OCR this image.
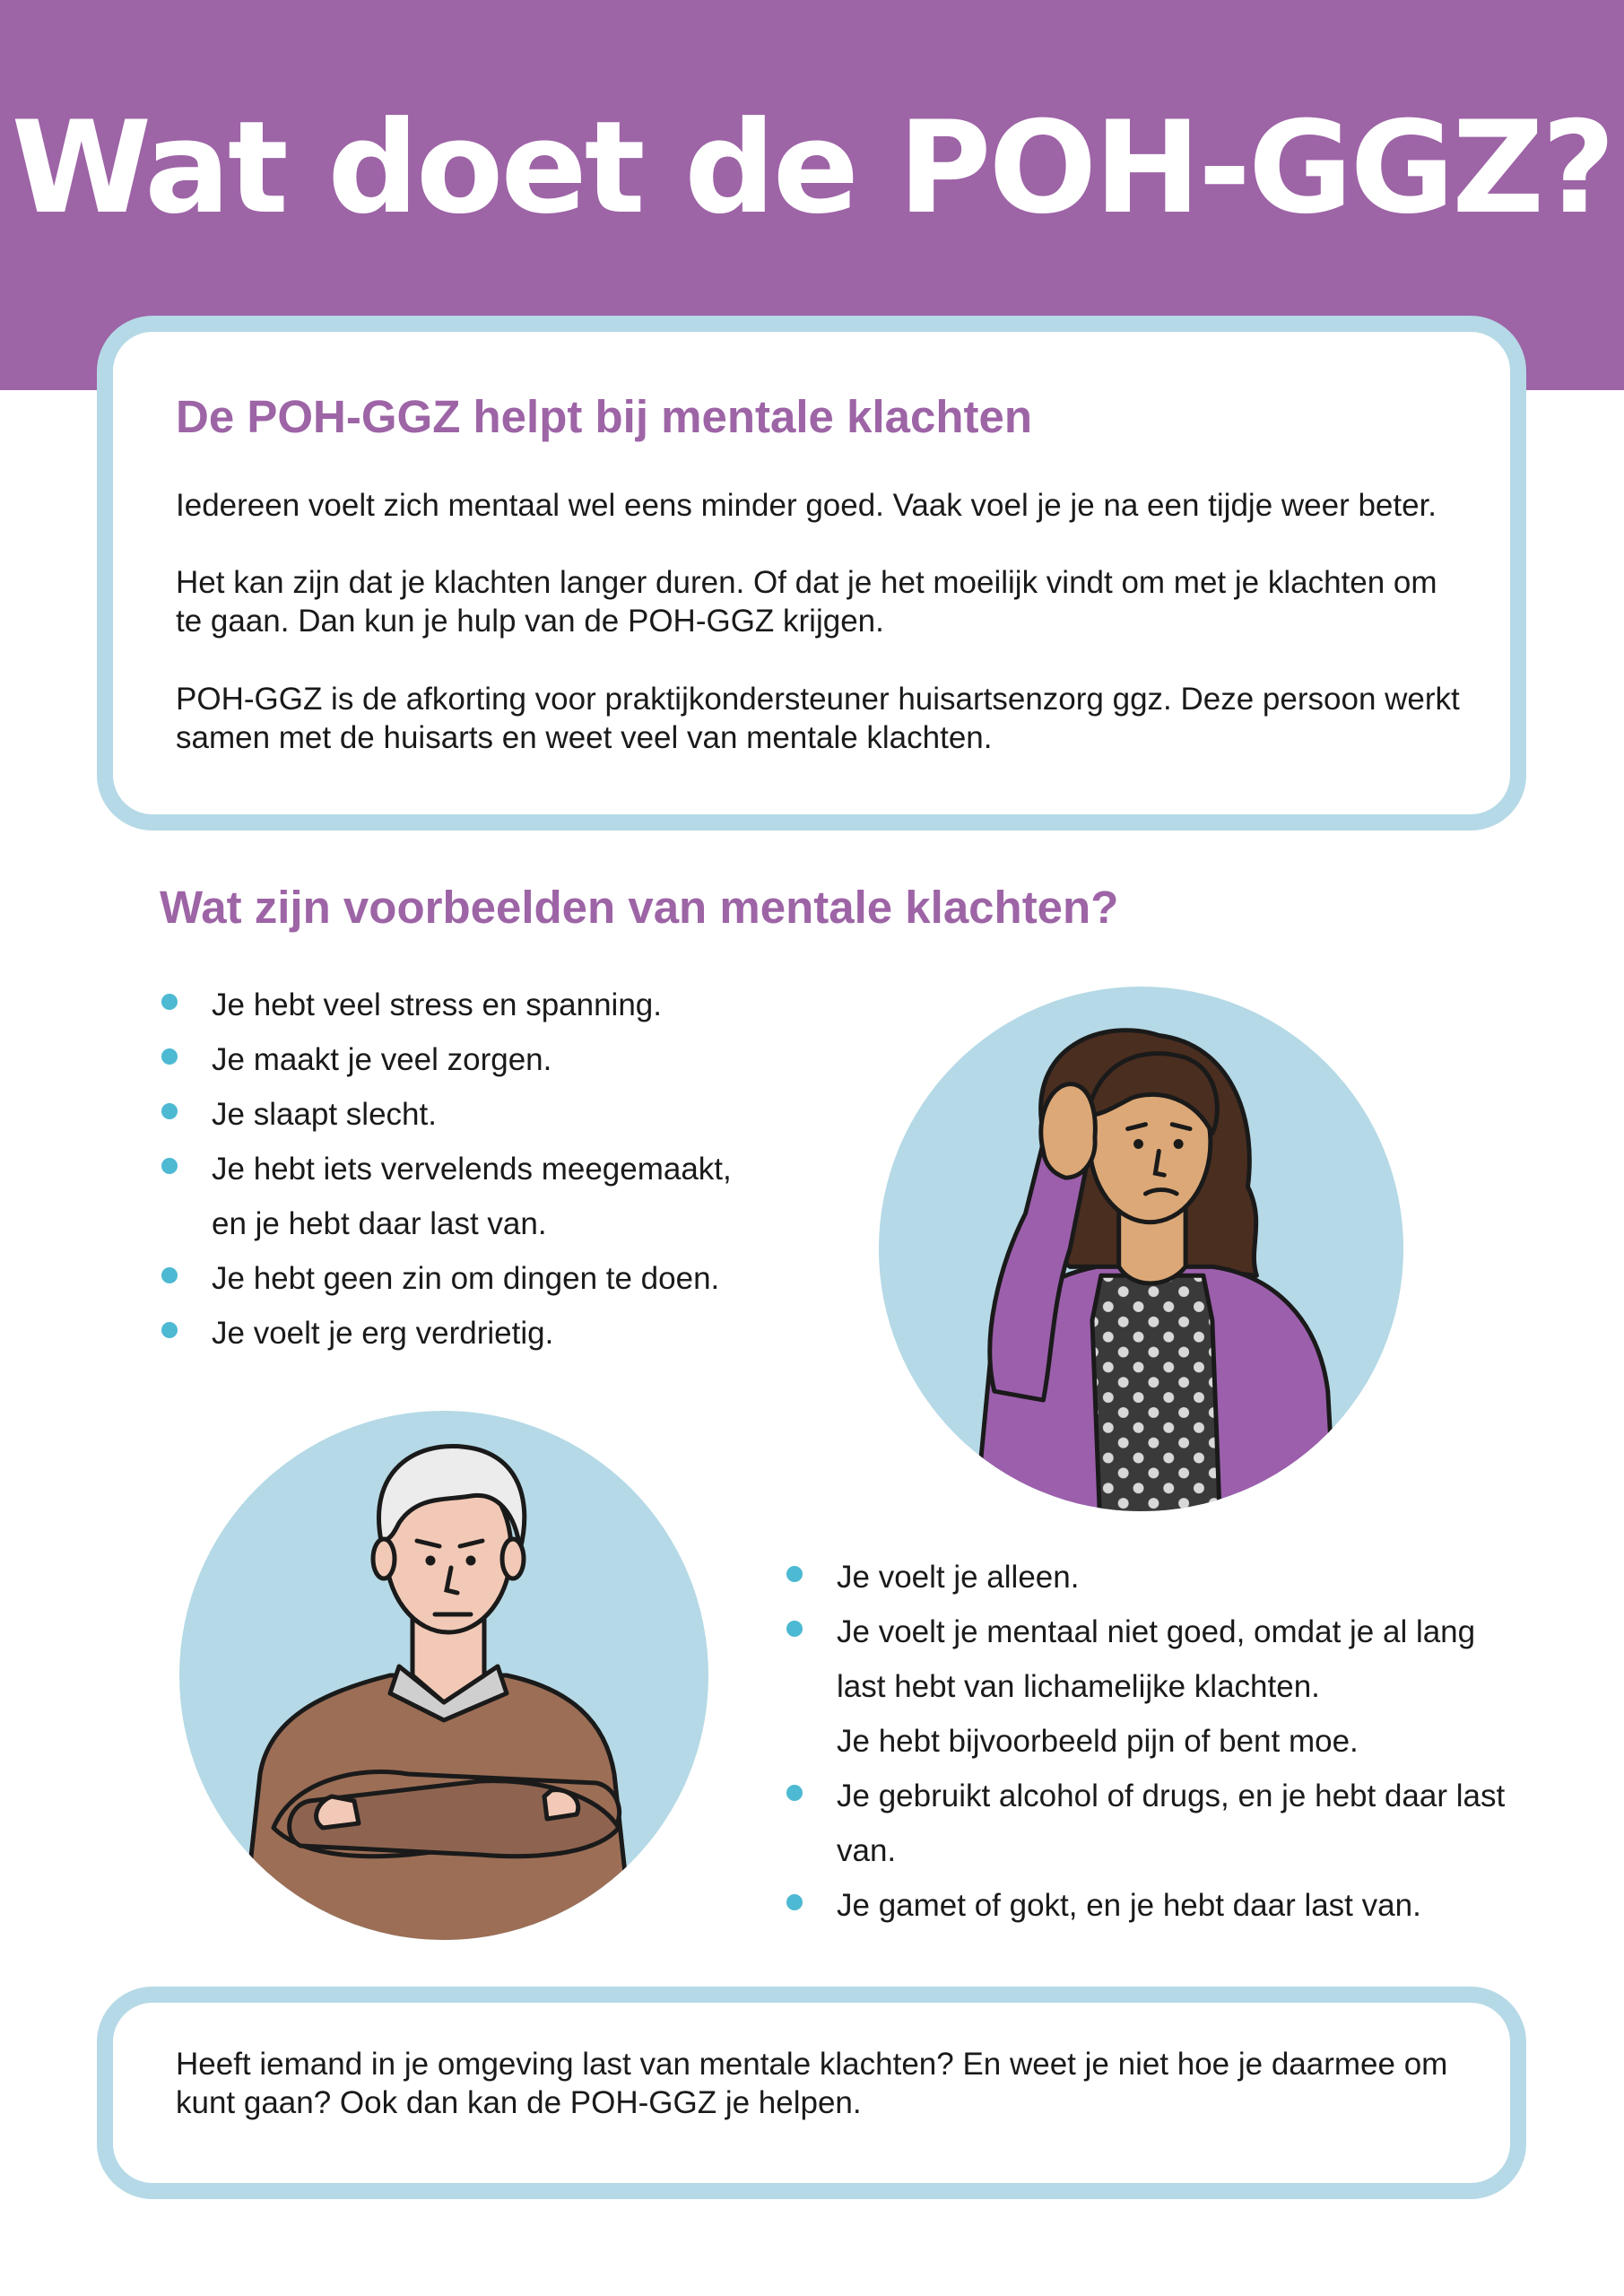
Wat doet de POH-GGZ?
De POH-GGZ helpt bij mentale klachten

Iedereen voelt zich mentaal wel eens minder goed. Vaak voel je je na een tijdje weer beter.

Het kan zijn dat je klachten langer duren. Of dat je het moeilijk vindt om met je klachten om te gaan. Dan kun je hulp van de POH-GGZ krijgen.

POH-GGZ is de afkorting voor praktijkondersteuner huisartsenzorg ggz. Deze persoon werkt samen met de huisarts en weet veel van mentale klachten.

Wat zijn voorbeelden van mentale klachten?
Je hebt veel stress en spanning.
Je maakt je veel zorgen.
Je slaapt slecht.
Je hebt iets vervelends meegemaakt,
en je hebt daar last van.
Je hebt geen zin om dingen te doen.
Je voelt je erg verdrietig.
Je voelt je alleen.
Je voelt je mentaal niet goed, omdat je al lang
last hebt van lichamelijke klachten.
Je hebt bijvoorbeeld pijn of bent moe.
Je gebruikt alcohol of drugs, en je hebt daar last
van.
Je gamet of gokt, en je hebt daar last van.

Heeft iemand in je omgeving last van mentale klachten? En weet je niet hoe je daarmee om kunt gaan? Ook dan kan de POH-GGZ je helpen.
